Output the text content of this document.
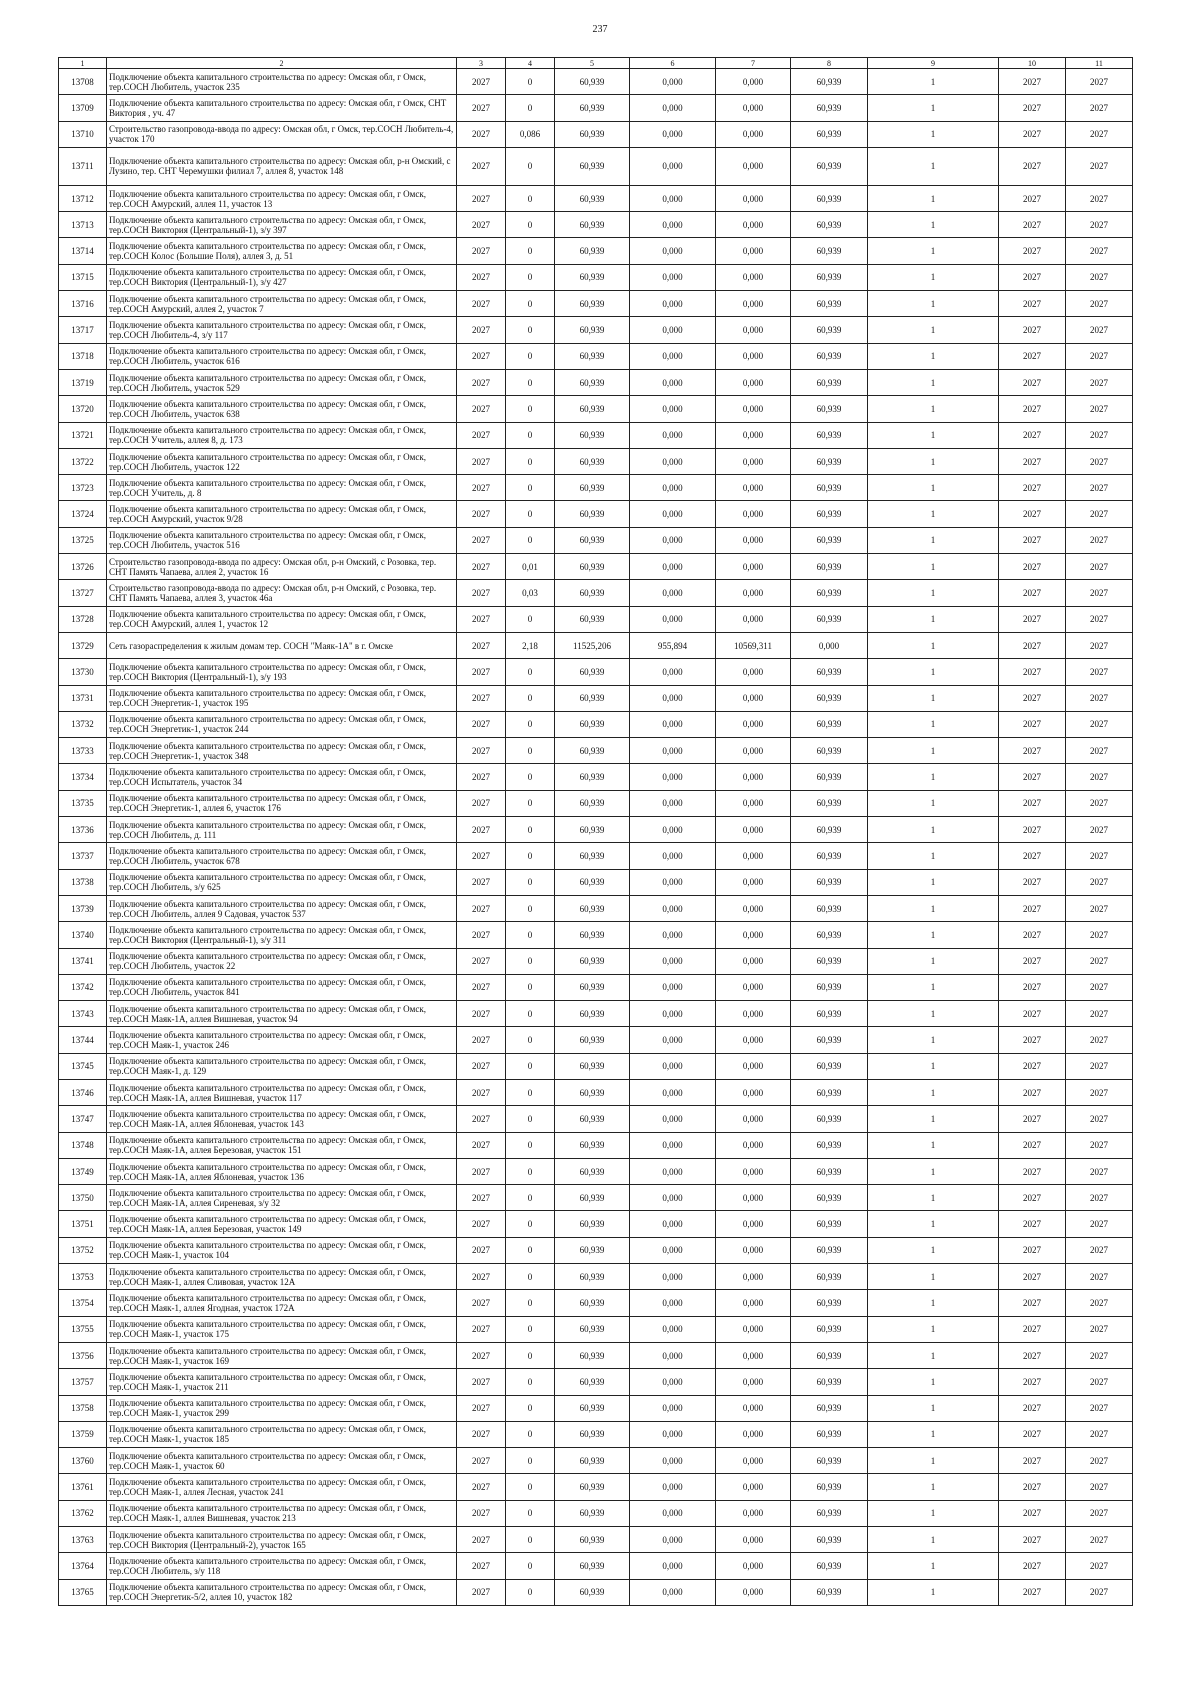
237
1	2	3	4	5	6	7	8	9	10	11
13708	Подключение объекта капитального строительства по адресу: Омская обл, г Омск, тер.СОСН Любитель, участок 235	2027	0	60,939	0,000	0,000	60,939	1	2027	2027
13709	Подключение объекта капитального строительства по адресу: Омская обл, г Омск, СНТ Виктория , уч. 47	2027	0	60,939	0,000	0,000	60,939	1	2027	2027
13710	Строительство газопровода-ввода по адресу: Омская обл, г Омск, тер.СОСН Любитель-4, участок 170	2027	0,086	60,939	0,000	0,000	60,939	1	2027	2027
13711	Подключение объекта капитального строительства по адресу: Омская обл, р-н Омский, с Лузино, тер. СНТ Черемушки филиал 7, аллея 8, участок 148	2027	0	60,939	0,000	0,000	60,939	1	2027	2027
13712	Подключение объекта капитального строительства по адресу: Омская обл, г Омск, тер.СОСН Амурский, аллея 11, участок 13	2027	0	60,939	0,000	0,000	60,939	1	2027	2027
13713	Подключение объекта капитального строительства по адресу: Омская обл, г Омск, тер.СОСН Виктория (Центральный-1), з/у 397	2027	0	60,939	0,000	0,000	60,939	1	2027	2027
13714	Подключение объекта капитального строительства по адресу: Омская обл, г Омск, тер.СОСН Колос (Большие Поля), аллея 3, д. 51	2027	0	60,939	0,000	0,000	60,939	1	2027	2027
13715	Подключение объекта капитального строительства по адресу: Омская обл, г Омск, тер.СОСН Виктория (Центральный-1), з/у 427	2027	0	60,939	0,000	0,000	60,939	1	2027	2027
13716	Подключение объекта капитального строительства по адресу: Омская обл, г Омск, тер.СОСН Амурский, аллея 2, участок 7	2027	0	60,939	0,000	0,000	60,939	1	2027	2027
13717	Подключение объекта капитального строительства по адресу: Омская обл, г Омск, тер.СОСН Любитель-4, з/у 117	2027	0	60,939	0,000	0,000	60,939	1	2027	2027
13718	Подключение объекта капитального строительства по адресу: Омская обл, г Омск, тер.СОСН Любитель, участок 616	2027	0	60,939	0,000	0,000	60,939	1	2027	2027
13719	Подключение объекта капитального строительства по адресу: Омская обл, г Омск, тер.СОСН Любитель, участок 529	2027	0	60,939	0,000	0,000	60,939	1	2027	2027
13720	Подключение объекта капитального строительства по адресу: Омская обл, г Омск, тер.СОСН Любитель, участок 638	2027	0	60,939	0,000	0,000	60,939	1	2027	2027
13721	Подключение объекта капитального строительства по адресу: Омская обл, г Омск, тер.СОСН Учитель, аллея 8, д. 173	2027	0	60,939	0,000	0,000	60,939	1	2027	2027
13722	Подключение объекта капитального строительства по адресу: Омская обл, г Омск, тер.СОСН Любитель, участок 122	2027	0	60,939	0,000	0,000	60,939	1	2027	2027
13723	Подключение объекта капитального строительства по адресу: Омская обл, г Омск, тер.СОСН Учитель, д. 8	2027	0	60,939	0,000	0,000	60,939	1	2027	2027
13724	Подключение объекта капитального строительства по адресу: Омская обл, г Омск, тер.СОСН Амурский, участок 9/28	2027	0	60,939	0,000	0,000	60,939	1	2027	2027
13725	Подключение объекта капитального строительства по адресу: Омская обл, г Омск, тер.СОСН Любитель, участок 516	2027	0	60,939	0,000	0,000	60,939	1	2027	2027
13726	Строительство газопровода-ввода по адресу: Омская обл, р-н Омский, с Розовка, тер. СНТ Память Чапаева, аллея 2, участок 16	2027	0,01	60,939	0,000	0,000	60,939	1	2027	2027
13727	Строительство газопровода-ввода по адресу: Омская обл, р-н Омский, с Розовка, тер. СНТ Память Чапаева, аллея 3, участок 46а	2027	0,03	60,939	0,000	0,000	60,939	1	2027	2027
13728	Подключение объекта капитального строительства по адресу: Омская обл, г Омск, тер.СОСН Амурский, аллея 1, участок 12	2027	0	60,939	0,000	0,000	60,939	1	2027	2027
13729	Сеть газораспределения к жилым домам тер. СОСН "Маяк-1А" в г. Омске	2027	2,18	11525,206	955,894	10569,311	0,000	1	2027	2027
13730	Подключение объекта капитального строительства по адресу: Омская обл, г Омск, тер.СОСН Виктория (Центральный-1), з/у 193	2027	0	60,939	0,000	0,000	60,939	1	2027	2027
13731	Подключение объекта капитального строительства по адресу: Омская обл, г Омск, тер.СОСН Энергетик-1, участок 195	2027	0	60,939	0,000	0,000	60,939	1	2027	2027
13732	Подключение объекта капитального строительства по адресу: Омская обл, г Омск, тер.СОСН Энергетик-1, участок 244	2027	0	60,939	0,000	0,000	60,939	1	2027	2027
13733	Подключение объекта капитального строительства по адресу: Омская обл, г Омск, тер.СОСН Энергетик-1, участок 348	2027	0	60,939	0,000	0,000	60,939	1	2027	2027
13734	Подключение объекта капитального строительства по адресу: Омская обл, г Омск, тер.СОСН Испытатель, участок 34	2027	0	60,939	0,000	0,000	60,939	1	2027	2027
13735	Подключение объекта капитального строительства по адресу: Омская обл, г Омск, тер.СОСН Энергетик-1, аллея 6, участок 176	2027	0	60,939	0,000	0,000	60,939	1	2027	2027
13736	Подключение объекта капитального строительства по адресу: Омская обл, г Омск, тер.СОСН Любитель, д. 111	2027	0	60,939	0,000	0,000	60,939	1	2027	2027
13737	Подключение объекта капитального строительства по адресу: Омская обл, г Омск, тер.СОСН Любитель, участок 678	2027	0	60,939	0,000	0,000	60,939	1	2027	2027
13738	Подключение объекта капитального строительства по адресу: Омская обл, г Омск, тер.СОСН Любитель, з/у 625	2027	0	60,939	0,000	0,000	60,939	1	2027	2027
13739	Подключение объекта капитального строительства по адресу: Омская обл, г Омск, тер.СОСН Любитель, аллея 9 Садовая, участок 537	2027	0	60,939	0,000	0,000	60,939	1	2027	2027
13740	Подключение объекта капитального строительства по адресу: Омская обл, г Омск, тер.СОСН Виктория (Центральный-1), з/у 311	2027	0	60,939	0,000	0,000	60,939	1	2027	2027
13741	Подключение объекта капитального строительства по адресу: Омская обл, г Омск, тер.СОСН Любитель, участок 22	2027	0	60,939	0,000	0,000	60,939	1	2027	2027
13742	Подключение объекта капитального строительства по адресу: Омская обл, г Омск, тер.СОСН Любитель, участок 841	2027	0	60,939	0,000	0,000	60,939	1	2027	2027
13743	Подключение объекта капитального строительства по адресу: Омская обл, г Омск, тер.СОСН Маяк-1А, аллея Вишневая, участок 94	2027	0	60,939	0,000	0,000	60,939	1	2027	2027
13744	Подключение объекта капитального строительства по адресу: Омская обл, г Омск, тер.СОСН Маяк-1, участок 246	2027	0	60,939	0,000	0,000	60,939	1	2027	2027
13745	Подключение объекта капитального строительства по адресу: Омская обл, г Омск, тер.СОСН Маяк-1, д. 129	2027	0	60,939	0,000	0,000	60,939	1	2027	2027
13746	Подключение объекта капитального строительства по адресу: Омская обл, г Омск, тер.СОСН Маяк-1А, аллея Вишневая, участок 117	2027	0	60,939	0,000	0,000	60,939	1	2027	2027
13747	Подключение объекта капитального строительства по адресу: Омская обл, г Омск, тер.СОСН Маяк-1А, аллея Яблоневая, участок 143	2027	0	60,939	0,000	0,000	60,939	1	2027	2027
13748	Подключение объекта капитального строительства по адресу: Омская обл, г Омск, тер.СОСН Маяк-1А, аллея Березовая, участок 151	2027	0	60,939	0,000	0,000	60,939	1	2027	2027
13749	Подключение объекта капитального строительства по адресу: Омская обл, г Омск, тер.СОСН Маяк-1А, аллея Яблоневая, участок 136	2027	0	60,939	0,000	0,000	60,939	1	2027	2027
13750	Подключение объекта капитального строительства по адресу: Омская обл, г Омск, тер.СОСН Маяк-1А, аллея Сиреневая, з/у 32	2027	0	60,939	0,000	0,000	60,939	1	2027	2027
13751	Подключение объекта капитального строительства по адресу: Омская обл, г Омск, тер.СОСН Маяк-1А, аллея Березовая, участок 149	2027	0	60,939	0,000	0,000	60,939	1	2027	2027
13752	Подключение объекта капитального строительства по адресу: Омская обл, г Омск, тер.СОСН Маяк-1, участок 104	2027	0	60,939	0,000	0,000	60,939	1	2027	2027
13753	Подключение объекта капитального строительства по адресу: Омская обл, г Омск, тер.СОСН Маяк-1, аллея Сливовая, участок 12А	2027	0	60,939	0,000	0,000	60,939	1	2027	2027
13754	Подключение объекта капитального строительства по адресу: Омская обл, г Омск, тер.СОСН Маяк-1, аллея Ягодная, участок 172А	2027	0	60,939	0,000	0,000	60,939	1	2027	2027
13755	Подключение объекта капитального строительства по адресу: Омская обл, г Омск, тер.СОСН Маяк-1, участок 175	2027	0	60,939	0,000	0,000	60,939	1	2027	2027
13756	Подключение объекта капитального строительства по адресу: Омская обл, г Омск, тер.СОСН Маяк-1, участок 169	2027	0	60,939	0,000	0,000	60,939	1	2027	2027
13757	Подключение объекта капитального строительства по адресу: Омская обл, г Омск, тер.СОСН Маяк-1, участок 211	2027	0	60,939	0,000	0,000	60,939	1	2027	2027
13758	Подключение объекта капитального строительства по адресу: Омская обл, г Омск, тер.СОСН Маяк-1, участок 299	2027	0	60,939	0,000	0,000	60,939	1	2027	2027
13759	Подключение объекта капитального строительства по адресу: Омская обл, г Омск, тер.СОСН Маяк-1, участок 185	2027	0	60,939	0,000	0,000	60,939	1	2027	2027
13760	Подключение объекта капитального строительства по адресу: Омская обл, г Омск, тер.СОСН Маяк-1, участок 60	2027	0	60,939	0,000	0,000	60,939	1	2027	2027
13761	Подключение объекта капитального строительства по адресу: Омская обл, г Омск, тер.СОСН Маяк-1, аллея Лесная, участок 241	2027	0	60,939	0,000	0,000	60,939	1	2027	2027
13762	Подключение объекта капитального строительства по адресу: Омская обл, г Омск, тер.СОСН Маяк-1, аллея Вишневая, участок 213	2027	0	60,939	0,000	0,000	60,939	1	2027	2027
13763	Подключение объекта капитального строительства по адресу: Омская обл, г Омск, тер.СОСН Виктория (Центральный-2), участок 165	2027	0	60,939	0,000	0,000	60,939	1	2027	2027
13764	Подключение объекта капитального строительства по адресу: Омская обл, г Омск, тер.СОСН Любитель, з/у 118	2027	0	60,939	0,000	0,000	60,939	1	2027	2027
13765	Подключение объекта капитального строительства по адресу: Омская обл, г Омск, тер.СОСН Энергетик-5/2, аллея 10, участок 182	2027	0	60,939	0,000	0,000	60,939	1	2027	2027
